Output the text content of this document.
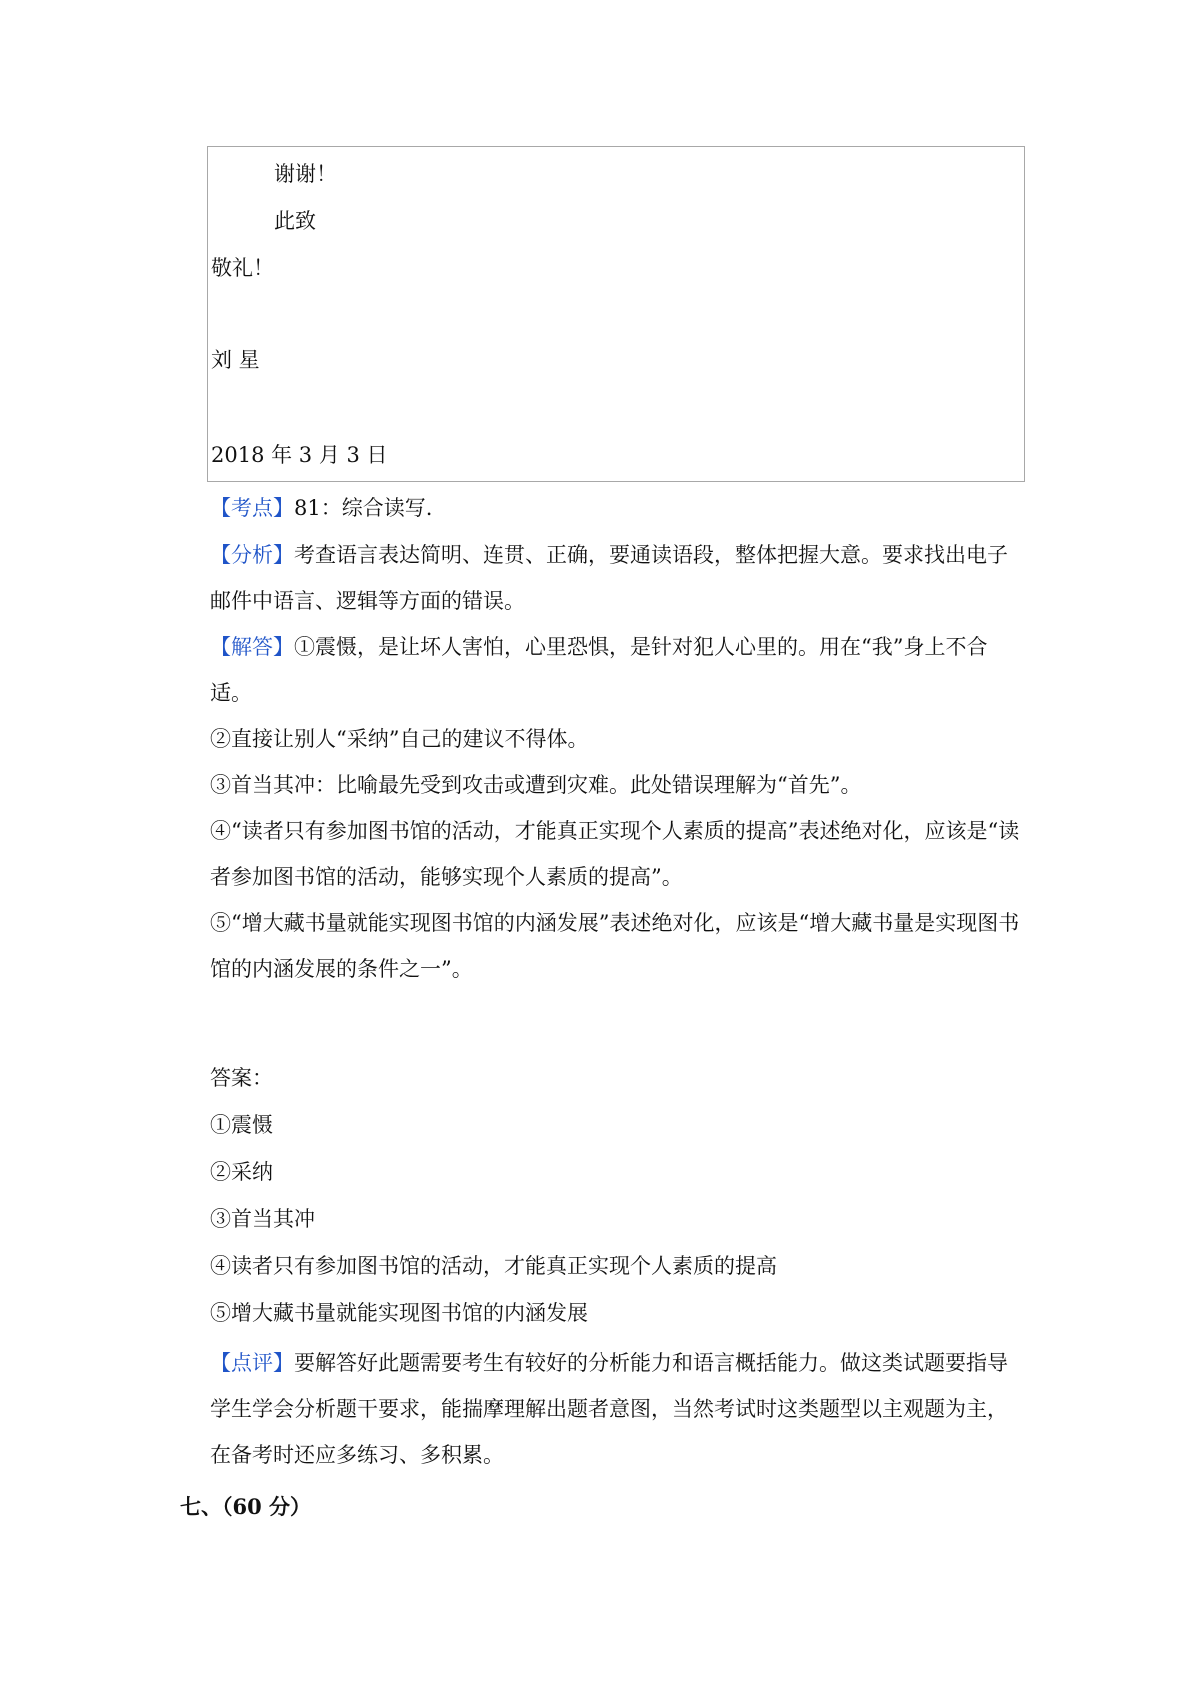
谢谢！
此致
敬礼！
刘 星
2018 年 3 月 3 日
【考点】81：综合读写.
【分析】考查语言表达简明、连贯、正确，要通读语段，整体把握大意。要求找出电子邮件中语言、逻辑等方面的错误。
【解答】①震慑，是让坏人害怕，心里恐惧，是针对犯人心里的。用在“我”身上不合适。
②直接让别人“采纳”自己的建议不得体。
③首当其冲：比喻最先受到攻击或遭到灾难。此处错误理解为“首先”。
④“读者只有参加图书馆的活动，才能真正实现个人素质的提高”表述绝对化，应该是“读者参加图书馆的活动，能够实现个人素质的提高”。
⑤“增大藏书量就能实现图书馆的内涵发展”表述绝对化，应该是“增大藏书量是实现图书馆的内涵发展的条件之一”。
答案：
①震慑
②采纳
③首当其冲
④读者只有参加图书馆的活动，才能真正实现个人素质的提高
⑤增大藏书量就能实现图书馆的内涵发展
【点评】要解答好此题需要考生有较好的分析能力和语言概括能力。做这类试题要指导学生学会分析题干要求，能揣摩理解出题者意图，当然考试时这类题型以主观题为主，在备考时还应多练习、多积累。
七、（60 分）
